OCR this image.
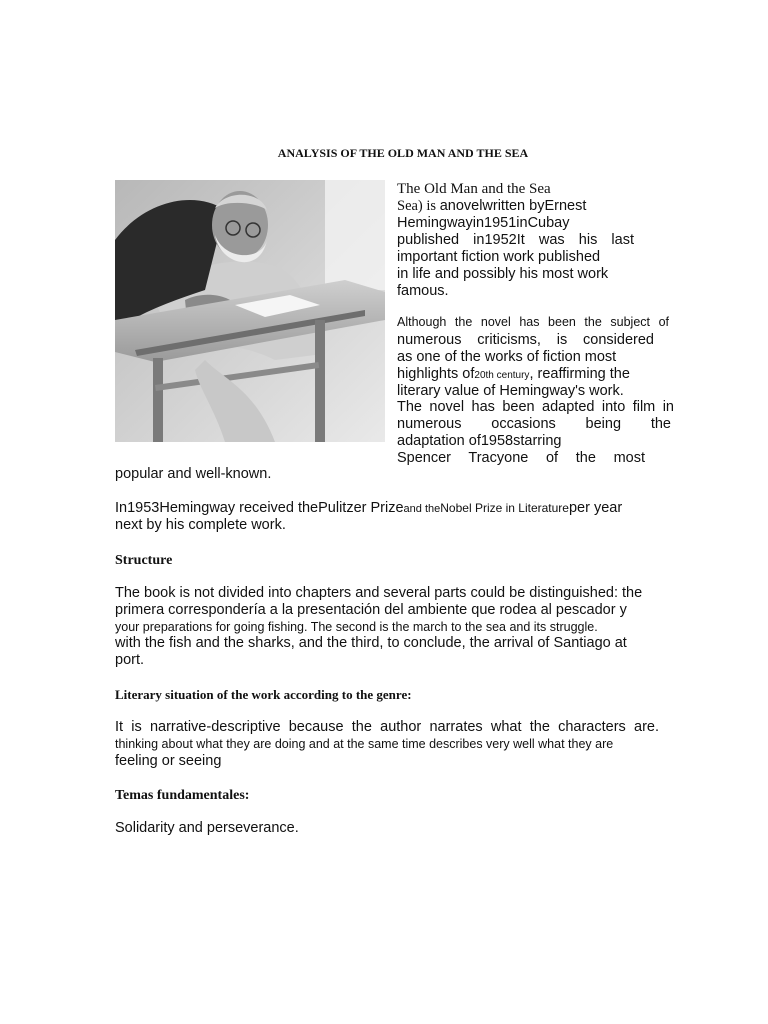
ANALYSIS OF THE OLD MAN AND THE SEA
The Old Man and the Sea
Sea) is anovelwritten byErnest
Hemingwayin1951inCubay
published in1952It was his last
important fiction work published
in life and possibly his most work
famous.
Although the novel has been the subject of
numerous criticisms, is considered
as one of the works of fiction most
highlights of20th century, reaffirming the
literary value of Hemingway's work.
The novel has been adapted into film in
numerous occasions being the
adaptation of1958starring
Spencer Tracyone of the most
popular and well-known.
In1953Hemingway received thePulitzer Prizeand theNobel Prize in Literatureper year
next by his complete work.
Structure
The book is not divided into chapters and several parts could be distinguished: the
primera correspondería a la presentación del ambiente que rodea al pescador y
your preparations for going fishing. The second is the march to the sea and its struggle.
with the fish and the sharks, and the third, to conclude, the arrival of Santiago at
port.
Literary situation of the work according to the genre:
It is narrative-descriptive because the author narrates what the characters are.
thinking about what they are doing and at the same time describes very well what they are
feeling or seeing
Temas fundamentales:
Solidarity and perseverance.
